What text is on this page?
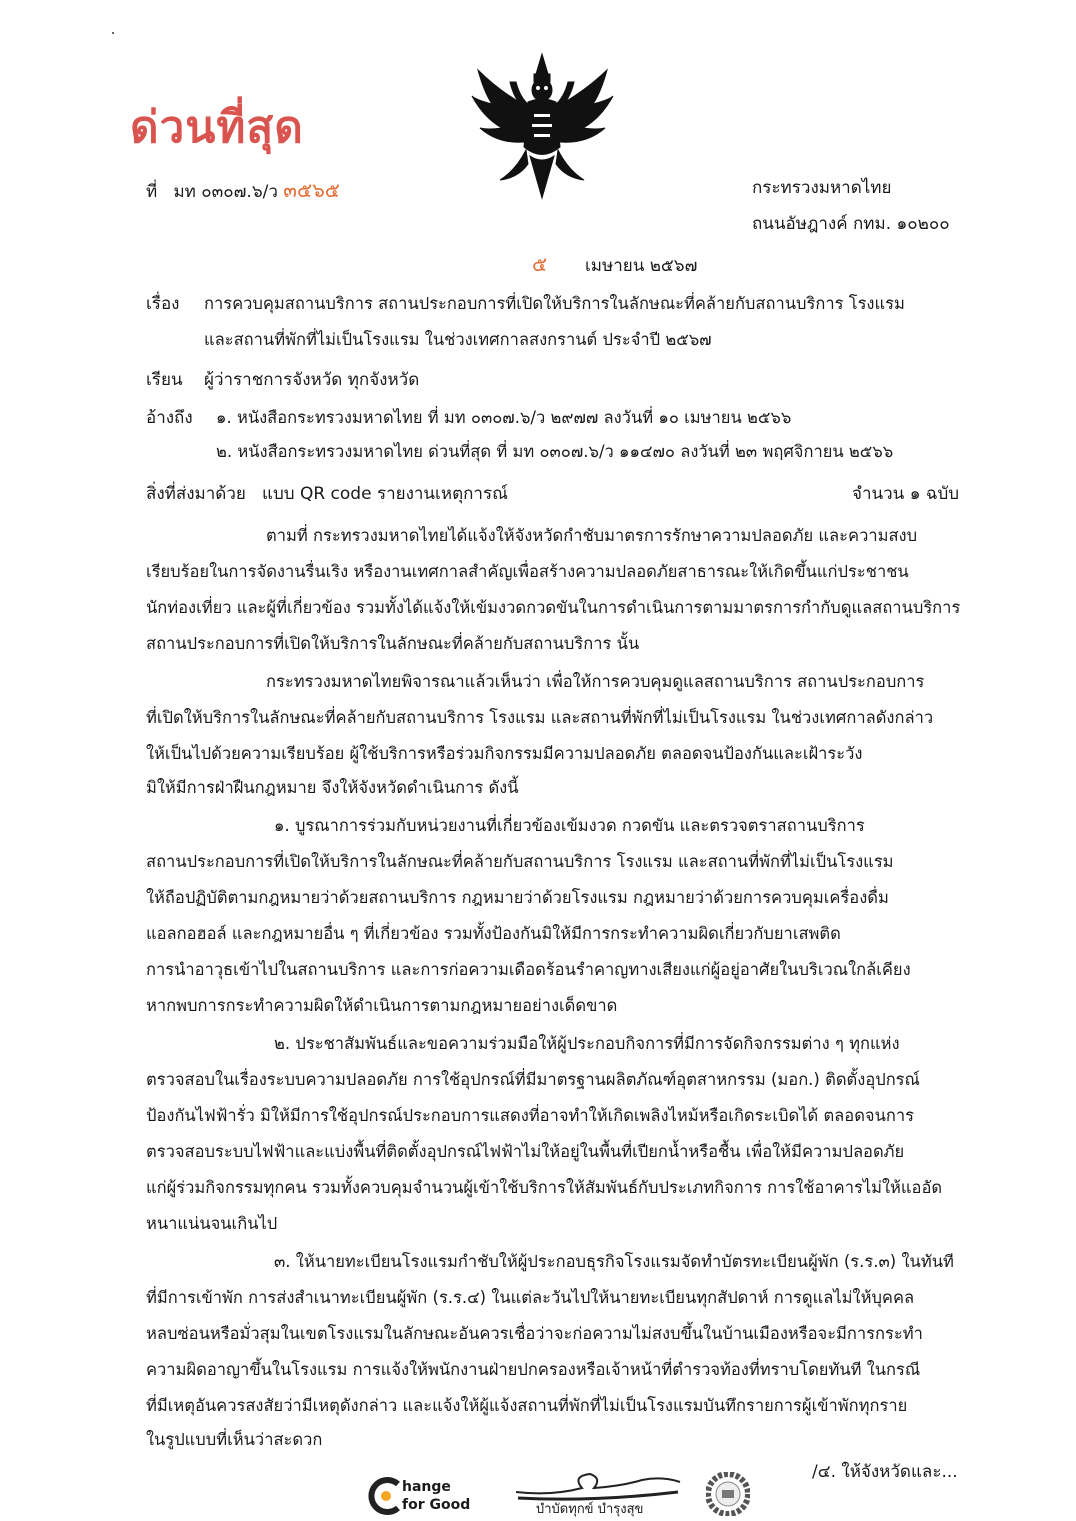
ด่วนที่สุด
ที่ มท ๐๓๐๗.๖/ว ๓๕๖๕	กระทรวงมหาดไทย
ถนนอัษฎางค์ กทม. ๑๐๒๐๐
๕ เมษายน ๒๕๖๗
เรื่อง การควบคุมสถานบริการ สถานประกอบการที่เปิดให้บริการในลักษณะที่คล้ายกับสถานบริการ โรงแรม
และสถานที่พักที่ไม่เป็นโรงแรม ในช่วงเทศกาลสงกรานต์ ประจำปี ๒๕๖๗
เรียน ผู้ว่าราชการจังหวัด ทุกจังหวัด
อ้างถึง ๑. หนังสือกระทรวงมหาดไทย ที่ มท ๐๓๐๗.๖/ว ๒๙๗๗ ลงวันที่ ๑๐ เมษายน ๒๕๖๖
๒. หนังสือกระทรวงมหาดไทย ด่วนที่สุด ที่ มท ๐๓๐๗.๖/ว ๑๑๔๗๐ ลงวันที่ ๒๓ พฤศจิกายน ๒๕๖๖
สิ่งที่ส่งมาด้วย แบบ QR code รายงานเหตุการณ์	จำนวน ๑ ฉบับ
ตามที่ กระทรวงมหาดไทยได้แจ้งให้จังหวัดกำชับมาตรการรักษาความปลอดภัย และความสงบ
เรียบร้อยในการจัดงานรื่นเริง หรืองานเทศกาลสำคัญเพื่อสร้างความปลอดภัยสาธารณะให้เกิดขึ้นแก่ประชาชน
นักท่องเที่ยว และผู้ที่เกี่ยวข้อง รวมทั้งได้แจ้งให้เข้มงวดกวดขันในการดำเนินการตามมาตรการกำกับดูแลสถานบริการ
สถานประกอบการที่เปิดให้บริการในลักษณะที่คล้ายกับสถานบริการ นั้น
กระทรวงมหาดไทยพิจารณาแล้วเห็นว่า เพื่อให้การควบคุมดูแลสถานบริการ สถานประกอบการ
ที่เปิดให้บริการในลักษณะที่คล้ายกับสถานบริการ โรงแรม และสถานที่พักที่ไม่เป็นโรงแรม ในช่วงเทศกาลดังกล่าว
ให้เป็นไปด้วยความเรียบร้อย ผู้ใช้บริการหรือร่วมกิจกรรมมีความปลอดภัย ตลอดจนป้องกันและเฝ้าระวัง
มิให้มีการฝ่าฝืนกฎหมาย จึงให้จังหวัดดำเนินการ ดังนี้
๑. บูรณาการร่วมกับหน่วยงานที่เกี่ยวข้องเข้มงวด กวดขัน และตรวจตราสถานบริการ
สถานประกอบการที่เปิดให้บริการในลักษณะที่คล้ายกับสถานบริการ โรงแรม และสถานที่พักที่ไม่เป็นโรงแรม
ให้ถือปฏิบัติตามกฎหมายว่าด้วยสถานบริการ กฎหมายว่าด้วยโรงแรม กฎหมายว่าด้วยการควบคุมเครื่องดื่ม
แอลกอฮอล์ และกฎหมายอื่น ๆ ที่เกี่ยวข้อง รวมทั้งป้องกันมิให้มีการกระทำความผิดเกี่ยวกับยาเสพติด
การนำอาวุธเข้าไปในสถานบริการ และการก่อความเดือดร้อนรำคาญทางเสียงแก่ผู้อยู่อาศัยในบริเวณใกล้เคียง
หากพบการกระทำความผิดให้ดำเนินการตามกฎหมายอย่างเด็ดขาด
๒. ประชาสัมพันธ์และขอความร่วมมือให้ผู้ประกอบกิจการที่มีการจัดกิจกรรมต่าง ๆ ทุกแห่ง
ตรวจสอบในเรื่องระบบความปลอดภัย การใช้อุปกรณ์ที่มีมาตรฐานผลิตภัณฑ์อุตสาหกรรม (มอก.) ติดตั้งอุปกรณ์
ป้องกันไฟฟ้ารั่ว มิให้มีการใช้อุปกรณ์ประกอบการแสดงที่อาจทำให้เกิดเพลิงไหม้หรือเกิดระเบิดได้ ตลอดจนการ
ตรวจสอบระบบไฟฟ้าและแบ่งพื้นที่ติดตั้งอุปกรณ์ไฟฟ้าไม่ให้อยู่ในพื้นที่เปียกน้ำหรือชื้น เพื่อให้มีความปลอดภัย
แก่ผู้ร่วมกิจกรรมทุกคน รวมทั้งควบคุมจำนวนผู้เข้าใช้บริการให้สัมพันธ์กับประเภทกิจการ การใช้อาคารไม่ให้แออัด
หนาแน่นจนเกินไป
๓. ให้นายทะเบียนโรงแรมกำชับให้ผู้ประกอบธุรกิจโรงแรมจัดทำบัตรทะเบียนผู้พัก (ร.ร.๓) ในทันที
ที่มีการเข้าพัก การส่งสำเนาทะเบียนผู้พัก (ร.ร.๔) ในแต่ละวันไปให้นายทะเบียนทุกสัปดาห์ การดูแลไม่ให้บุคคล
หลบซ่อนหรือมั่วสุมในเขตโรงแรมในลักษณะอันควรเชื่อว่าจะก่อความไม่สงบขึ้นในบ้านเมืองหรือจะมีการกระทำ
ความผิดอาญาขึ้นในโรงแรม การแจ้งให้พนักงานฝ่ายปกครองหรือเจ้าหน้าที่ตำรวจท้องที่ทราบโดยทันที ในกรณี
ที่มีเหตุอันควรสงสัยว่ามีเหตุดังกล่าว และแจ้งให้ผู้แจ้งสถานที่พักที่ไม่เป็นโรงแรมบันทึกรายการผู้เข้าพักทุกราย
ในรูปแบบที่เห็นว่าสะดวก
/๔. ให้จังหวัดและ...
hange
for Good	บำบัดทุกข์ บำรุงสุข
